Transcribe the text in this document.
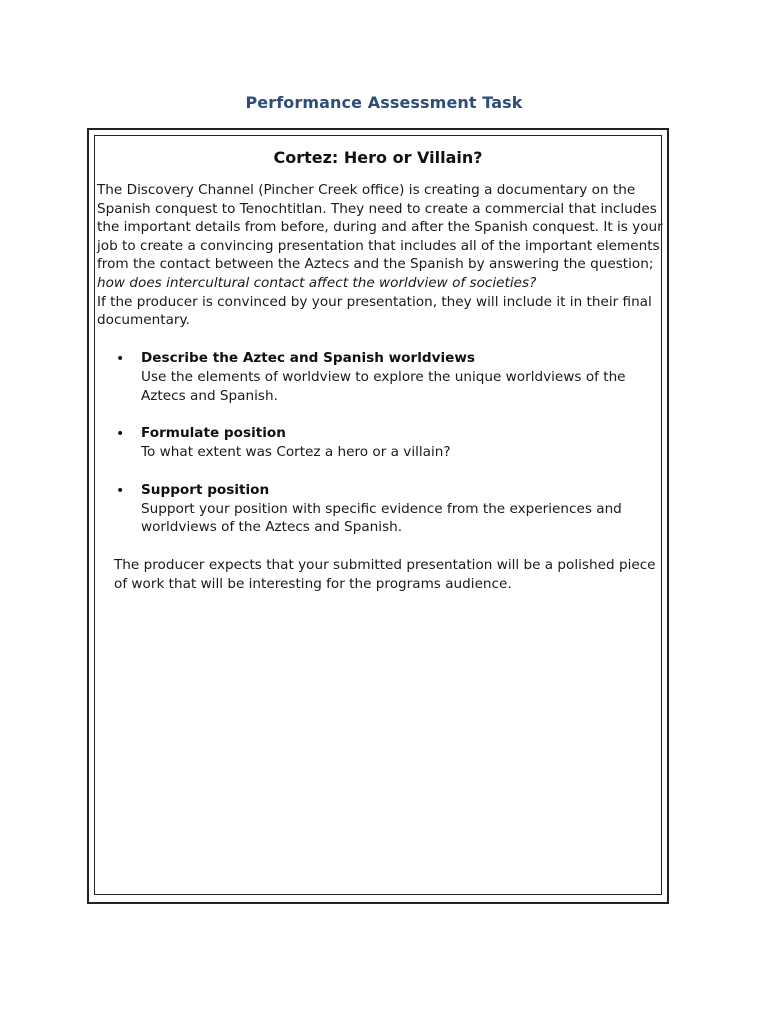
Performance Assessment Task
Cortez: Hero or Villain?

The Discovery Channel (Pincher Creek office) is creating a documentary on the
Spanish conquest to Tenochtitlan. They need to create a commercial that includes
the important details from before, during and after the Spanish conquest. It is your
job to create a convincing presentation that includes all of the important elements
from the contact between the Aztecs and the Spanish by answering the question;
how does intercultural contact affect the worldview of societies?
If the producer is convinced by your presentation, they will include it in their final
documentary.

• Describe the Aztec and Spanish worldviews
Use the elements of worldview to explore the unique worldviews of the
Aztecs and Spanish.
• Formulate position
To what extent was Cortez a hero or a villain?
• Support position
Support your position with specific evidence from the experiences and
worldviews of the Aztecs and Spanish.

The producer expects that your submitted presentation will be a polished piece
of work that will be interesting for the programs audience.
